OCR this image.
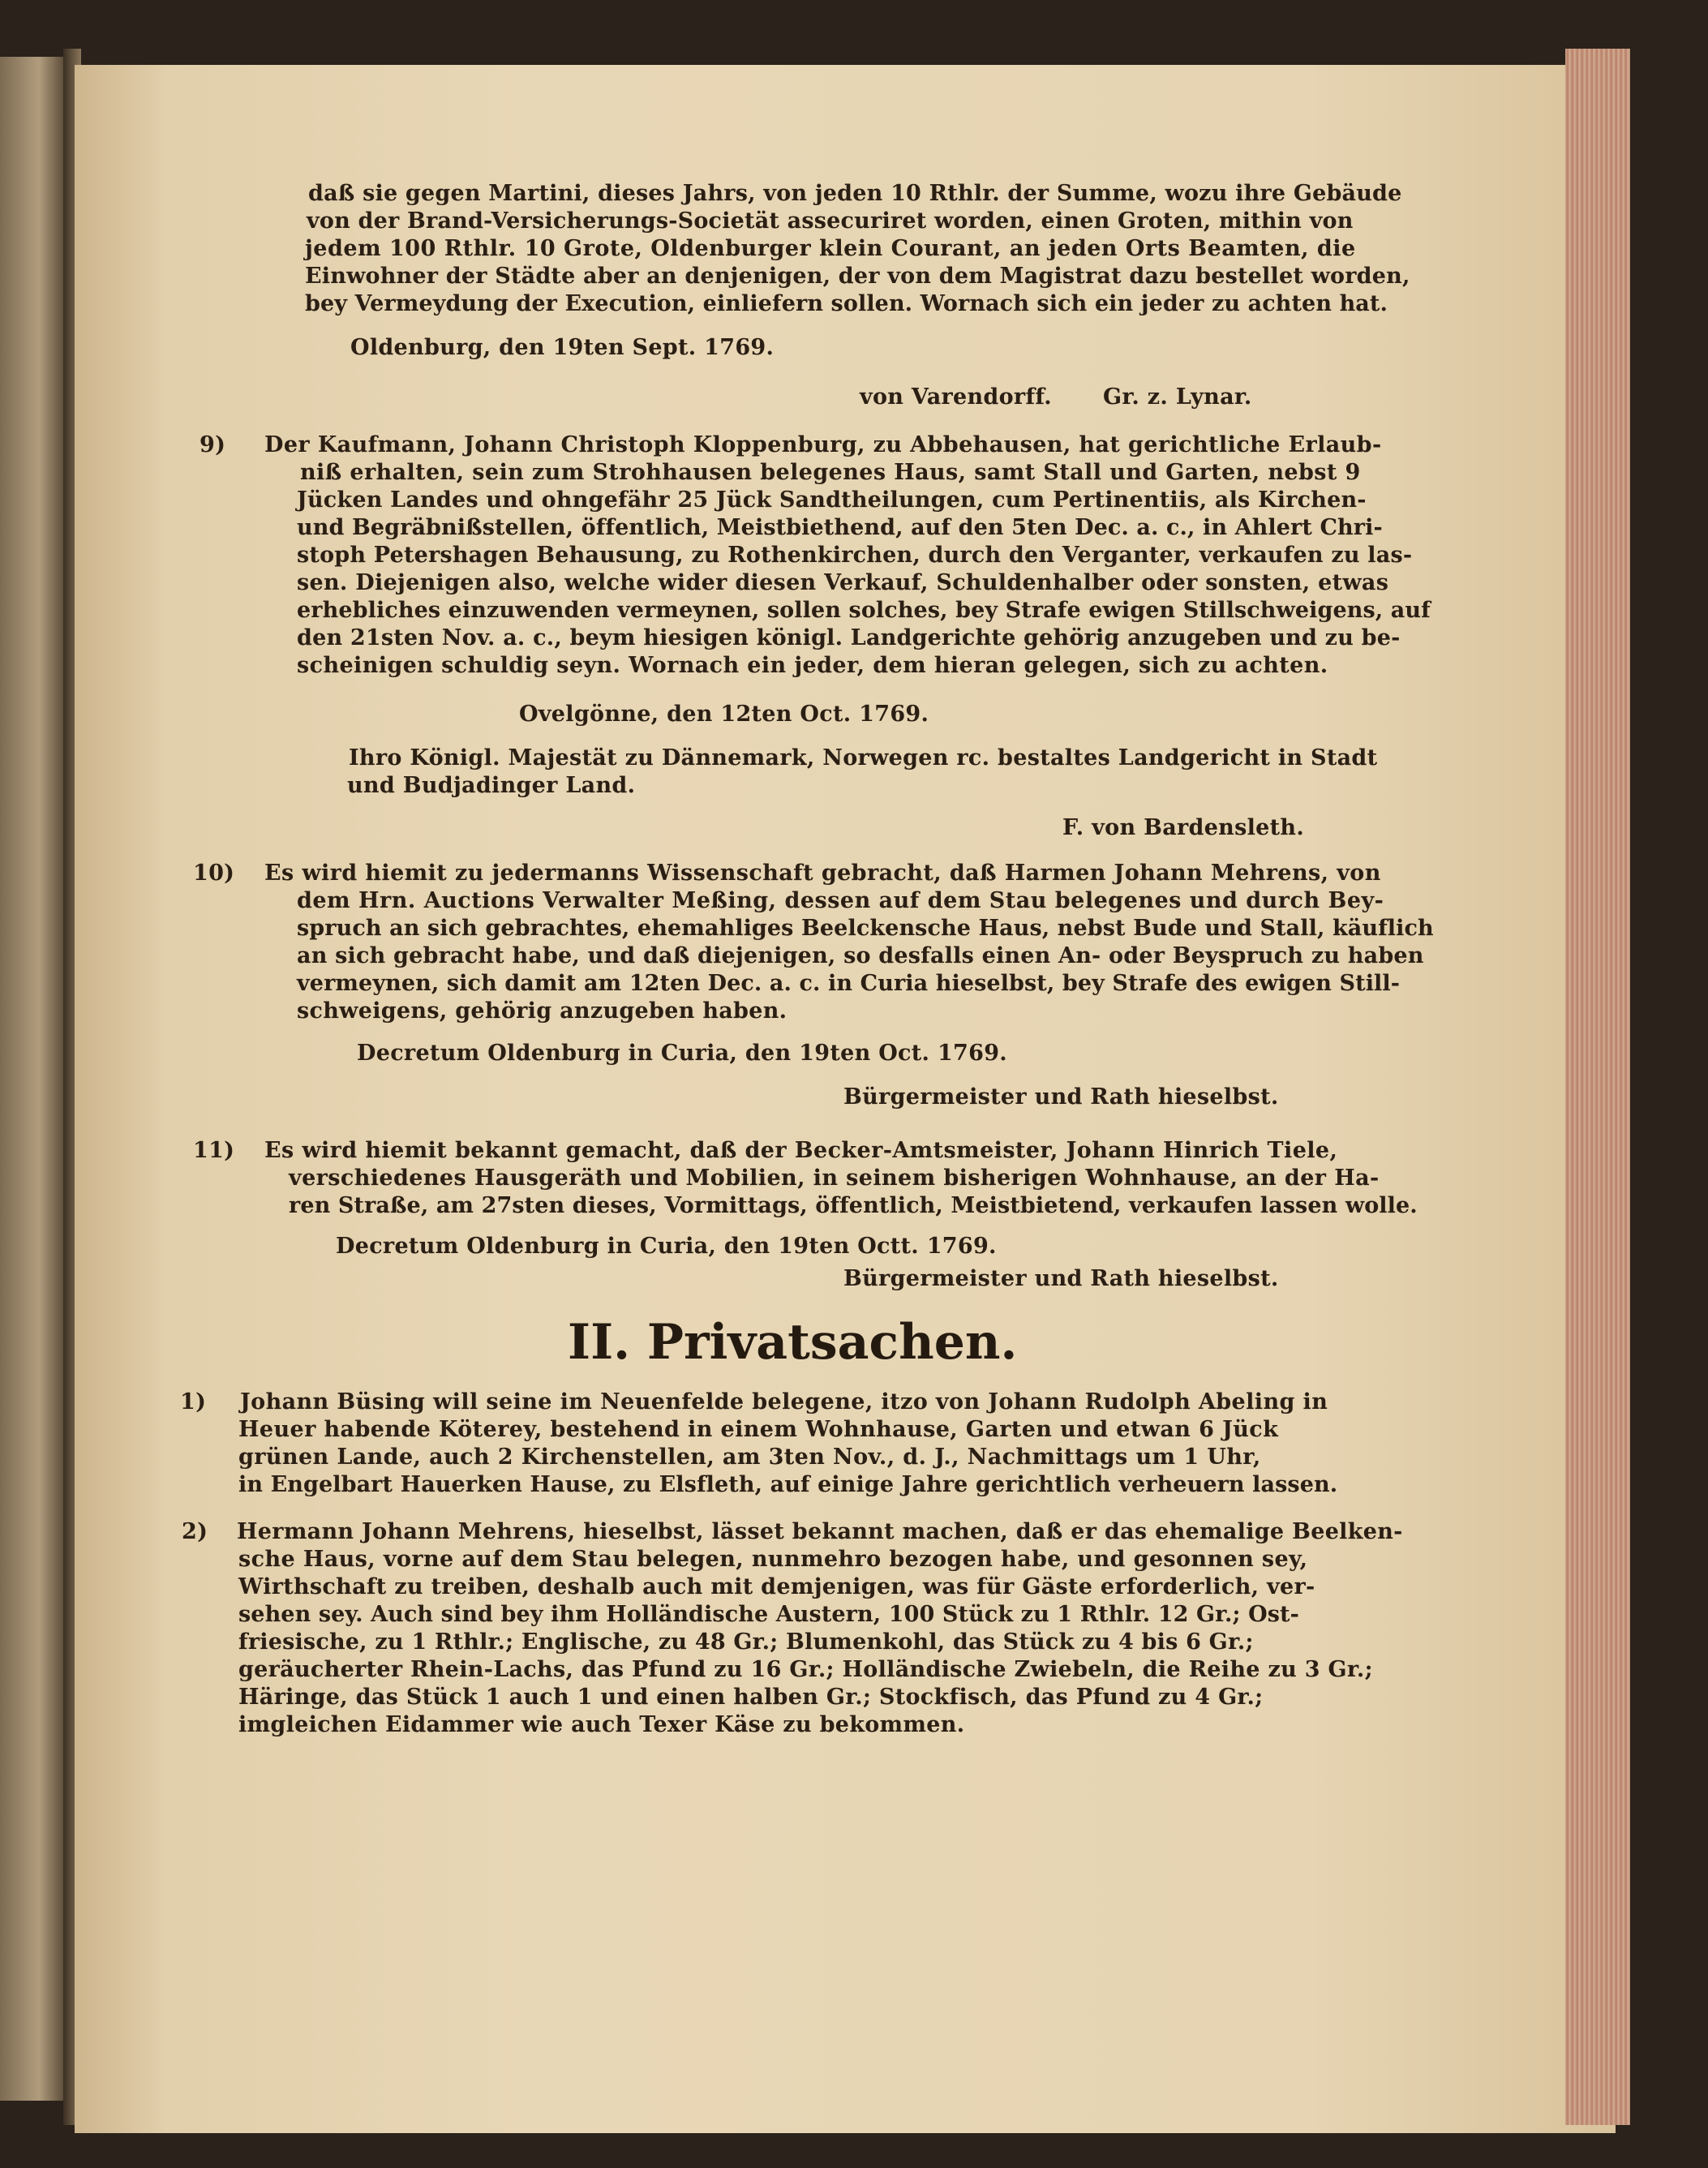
daß sie gegen Martini, dieses Jahrs, von jeden 10 Rthlr. der Summe, wozu ihre Gebäude
von der Brand-Versicherungs-Societät assecuriret worden, einen Groten, mithin von
jedem 100 Rthlr. 10 Grote, Oldenburger klein Courant, an jeden Orts Beamten, die
Einwohner der Städte aber an denjenigen, der von dem Magistrat dazu bestellet worden,
bey Vermeydung der Execution, einliefern sollen. Wornach sich ein jeder zu achten hat.
Oldenburg, den 19ten Sept. 1769.
von Varendorff. Gr. z. Lynar.
9) Der Kaufmann, Johann Christoph Kloppenburg, zu Abbehausen, hat gerichtliche Erlaub-
niß erhalten, sein zum Strohhausen belegenes Haus, samt Stall und Garten, nebst 9
Jücken Landes und ohngefähr 25 Jück Sandtheilungen, cum Pertinentiis, als Kirchen-
und Begräbnißstellen, öffentlich, Meistbiethend, auf den 5ten Dec. a. c., in Ahlert Chri-
stoph Petershagen Behausung, zu Rothenkirchen, durch den Verganter, verkaufen zu las-
sen. Diejenigen also, welche wider diesen Verkauf, Schuldenhalber oder sonsten, etwas
erhebliches einzuwenden vermeynen, sollen solches, bey Strafe ewigen Stillschweigens, auf
den 21sten Nov. a. c., beym hiesigen königl. Landgerichte gehörig anzugeben und zu be-
scheinigen schuldig seyn. Wornach ein jeder, dem hieran gelegen, sich zu achten.
Ovelgönne, den 12ten Oct. 1769.
Ihro Königl. Majestät zu Dännemark, Norwegen rc. bestaltes Landgericht in Stadt
und Budjadinger Land.
F. von Bardensleth.
10) Es wird hiemit zu jedermanns Wissenschaft gebracht, daß Harmen Johann Mehrens, von
dem Hrn. Auctions Verwalter Meßing, dessen auf dem Stau belegenes und durch Bey-
spruch an sich gebrachtes, ehemahliges Beelckensche Haus, nebst Bude und Stall, käuflich
an sich gebracht habe, und daß diejenigen, so desfalls einen An- oder Beyspruch zu haben
vermeynen, sich damit am 12ten Dec. a. c. in Curia hieselbst, bey Strafe des ewigen Still-
schweigens, gehörig anzugeben haben.
Decretum Oldenburg in Curia, den 19ten Oct. 1769.
Bürgermeister und Rath hieselbst.
11) Es wird hiemit bekannt gemacht, daß der Becker-Amtsmeister, Johann Hinrich Tiele,
verschiedenes Hausgeräth und Mobilien, in seinem bisherigen Wohnhause, an der Ha-
ren Straße, am 27sten dieses, Vormittags, öffentlich, Meistbietend, verkaufen lassen wolle.
Decretum Oldenburg in Curia, den 19ten Octt. 1769.
Bürgermeister und Rath hieselbst.
II. Privatsachen.
1) Johann Büsing will seine im Neuenfelde belegene, itzo von Johann Rudolph Abeling in
Heuer habende Köterey, bestehend in einem Wohnhause, Garten und etwan 6 Jück
grünen Lande, auch 2 Kirchenstellen, am 3ten Nov., d. J., Nachmittags um 1 Uhr,
in Engelbart Hauerken Hause, zu Elsfleth, auf einige Jahre gerichtlich verheuern lassen.
2) Hermann Johann Mehrens, hieselbst, lässet bekannt machen, daß er das ehemalige Beelken-
sche Haus, vorne auf dem Stau belegen, nunmehro bezogen habe, und gesonnen sey,
Wirthschaft zu treiben, deshalb auch mit demjenigen, was für Gäste erforderlich, ver-
sehen sey. Auch sind bey ihm Holländische Austern, 100 Stück zu 1 Rthlr. 12 Gr.; Ost-
friesische, zu 1 Rthlr.; Englische, zu 48 Gr.; Blumenkohl, das Stück zu 4 bis 6 Gr.;
geräucherter Rhein-Lachs, das Pfund zu 16 Gr.; Holländische Zwiebeln, die Reihe zu 3 Gr.;
Häringe, das Stück 1 auch 1 und einen halben Gr.; Stockfisch, das Pfund zu 4 Gr.;
imgleichen Eidammer wie auch Texer Käse zu bekommen.
